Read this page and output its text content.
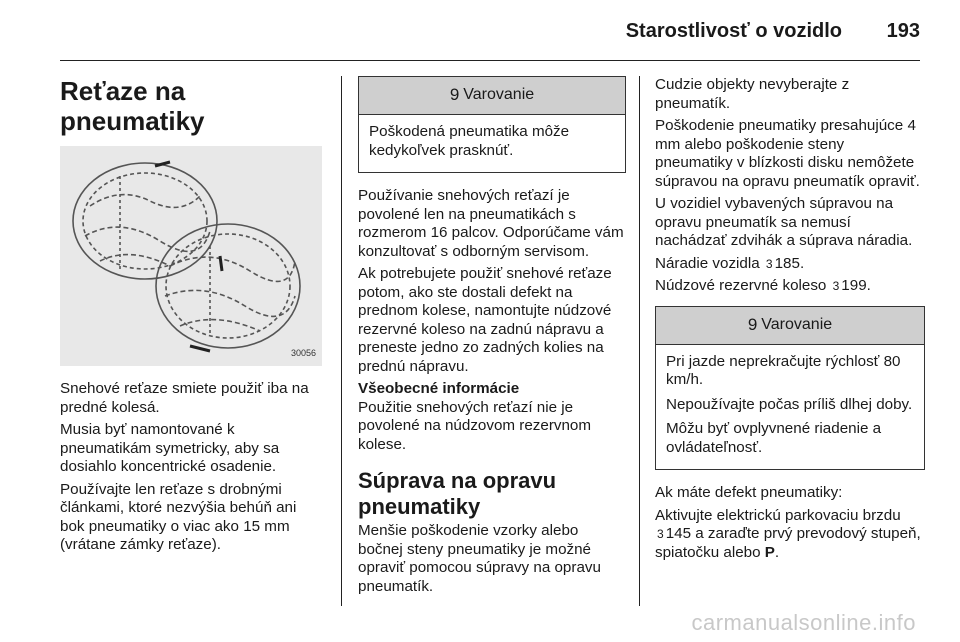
Starostlivosť o vozidlo 193
Reťaze na pneumatiky
30056

Snehové reťaze smiete použiť iba na predné kolesá.

Musia byť namontované k pneumatikám symetricky, aby sa dosiahlo koncentrické osadenie.

Používajte len reťaze s drobnými článkami, ktoré nezvýšia behúň ani bok pneumatiky o viac ako 15 mm (vrátane zámky reťaze).

9 Varovanie

Poškodená pneumatika môže kedykoľvek prasknúť.

Používanie snehových reťazí je povolené len na pneumatikách s rozmerom 16 palcov. Odporúčame vám konzultovať s odborným servisom.

Ak potrebujete použiť snehové reťaze potom, ako ste dostali defekt na prednom kolese, namontujte núdzové rezervné koleso na zadnú nápravu a preneste jedno zo zadných kolies na prednú nápravu.

Všeobecné informácie

Použitie snehových reťazí nie je povolené na núdzovom rezervnom kolese.

Súprava na opravu pneumatiky

Menšie poškodenie vzorky alebo bočnej steny pneumatiky je možné opraviť pomocou súpravy na opravu pneumatík.

Cudzie objekty nevyberajte z pneumatík.

Poškodenie pneumatiky presahujúce 4 mm alebo poškodenie steny pneumatiky v blízkosti disku nemôžete súpravou na opravu pneumatík opraviť.

U vozidiel vybavených súpravou na opravu pneumatík sa nemusí nachádzať zdvihák a súprava náradia.

Náradie vozidla 3 185.

Núdzové rezervné koleso 3 199.

9 Varovanie

Pri jazde neprekračujte rýchlosť 80 km/h.

Nepoužívajte počas príliš dlhej doby.

Môžu byť ovplyvnené riadenie a ovládateľnosť.

Ak máte defekt pneumatiky:

Aktivujte elektrickú parkovaciu brzdu
3 145 a zaraďte prvý prevodový stupeň, spiatočku alebo P.

carmanualsonline.info
